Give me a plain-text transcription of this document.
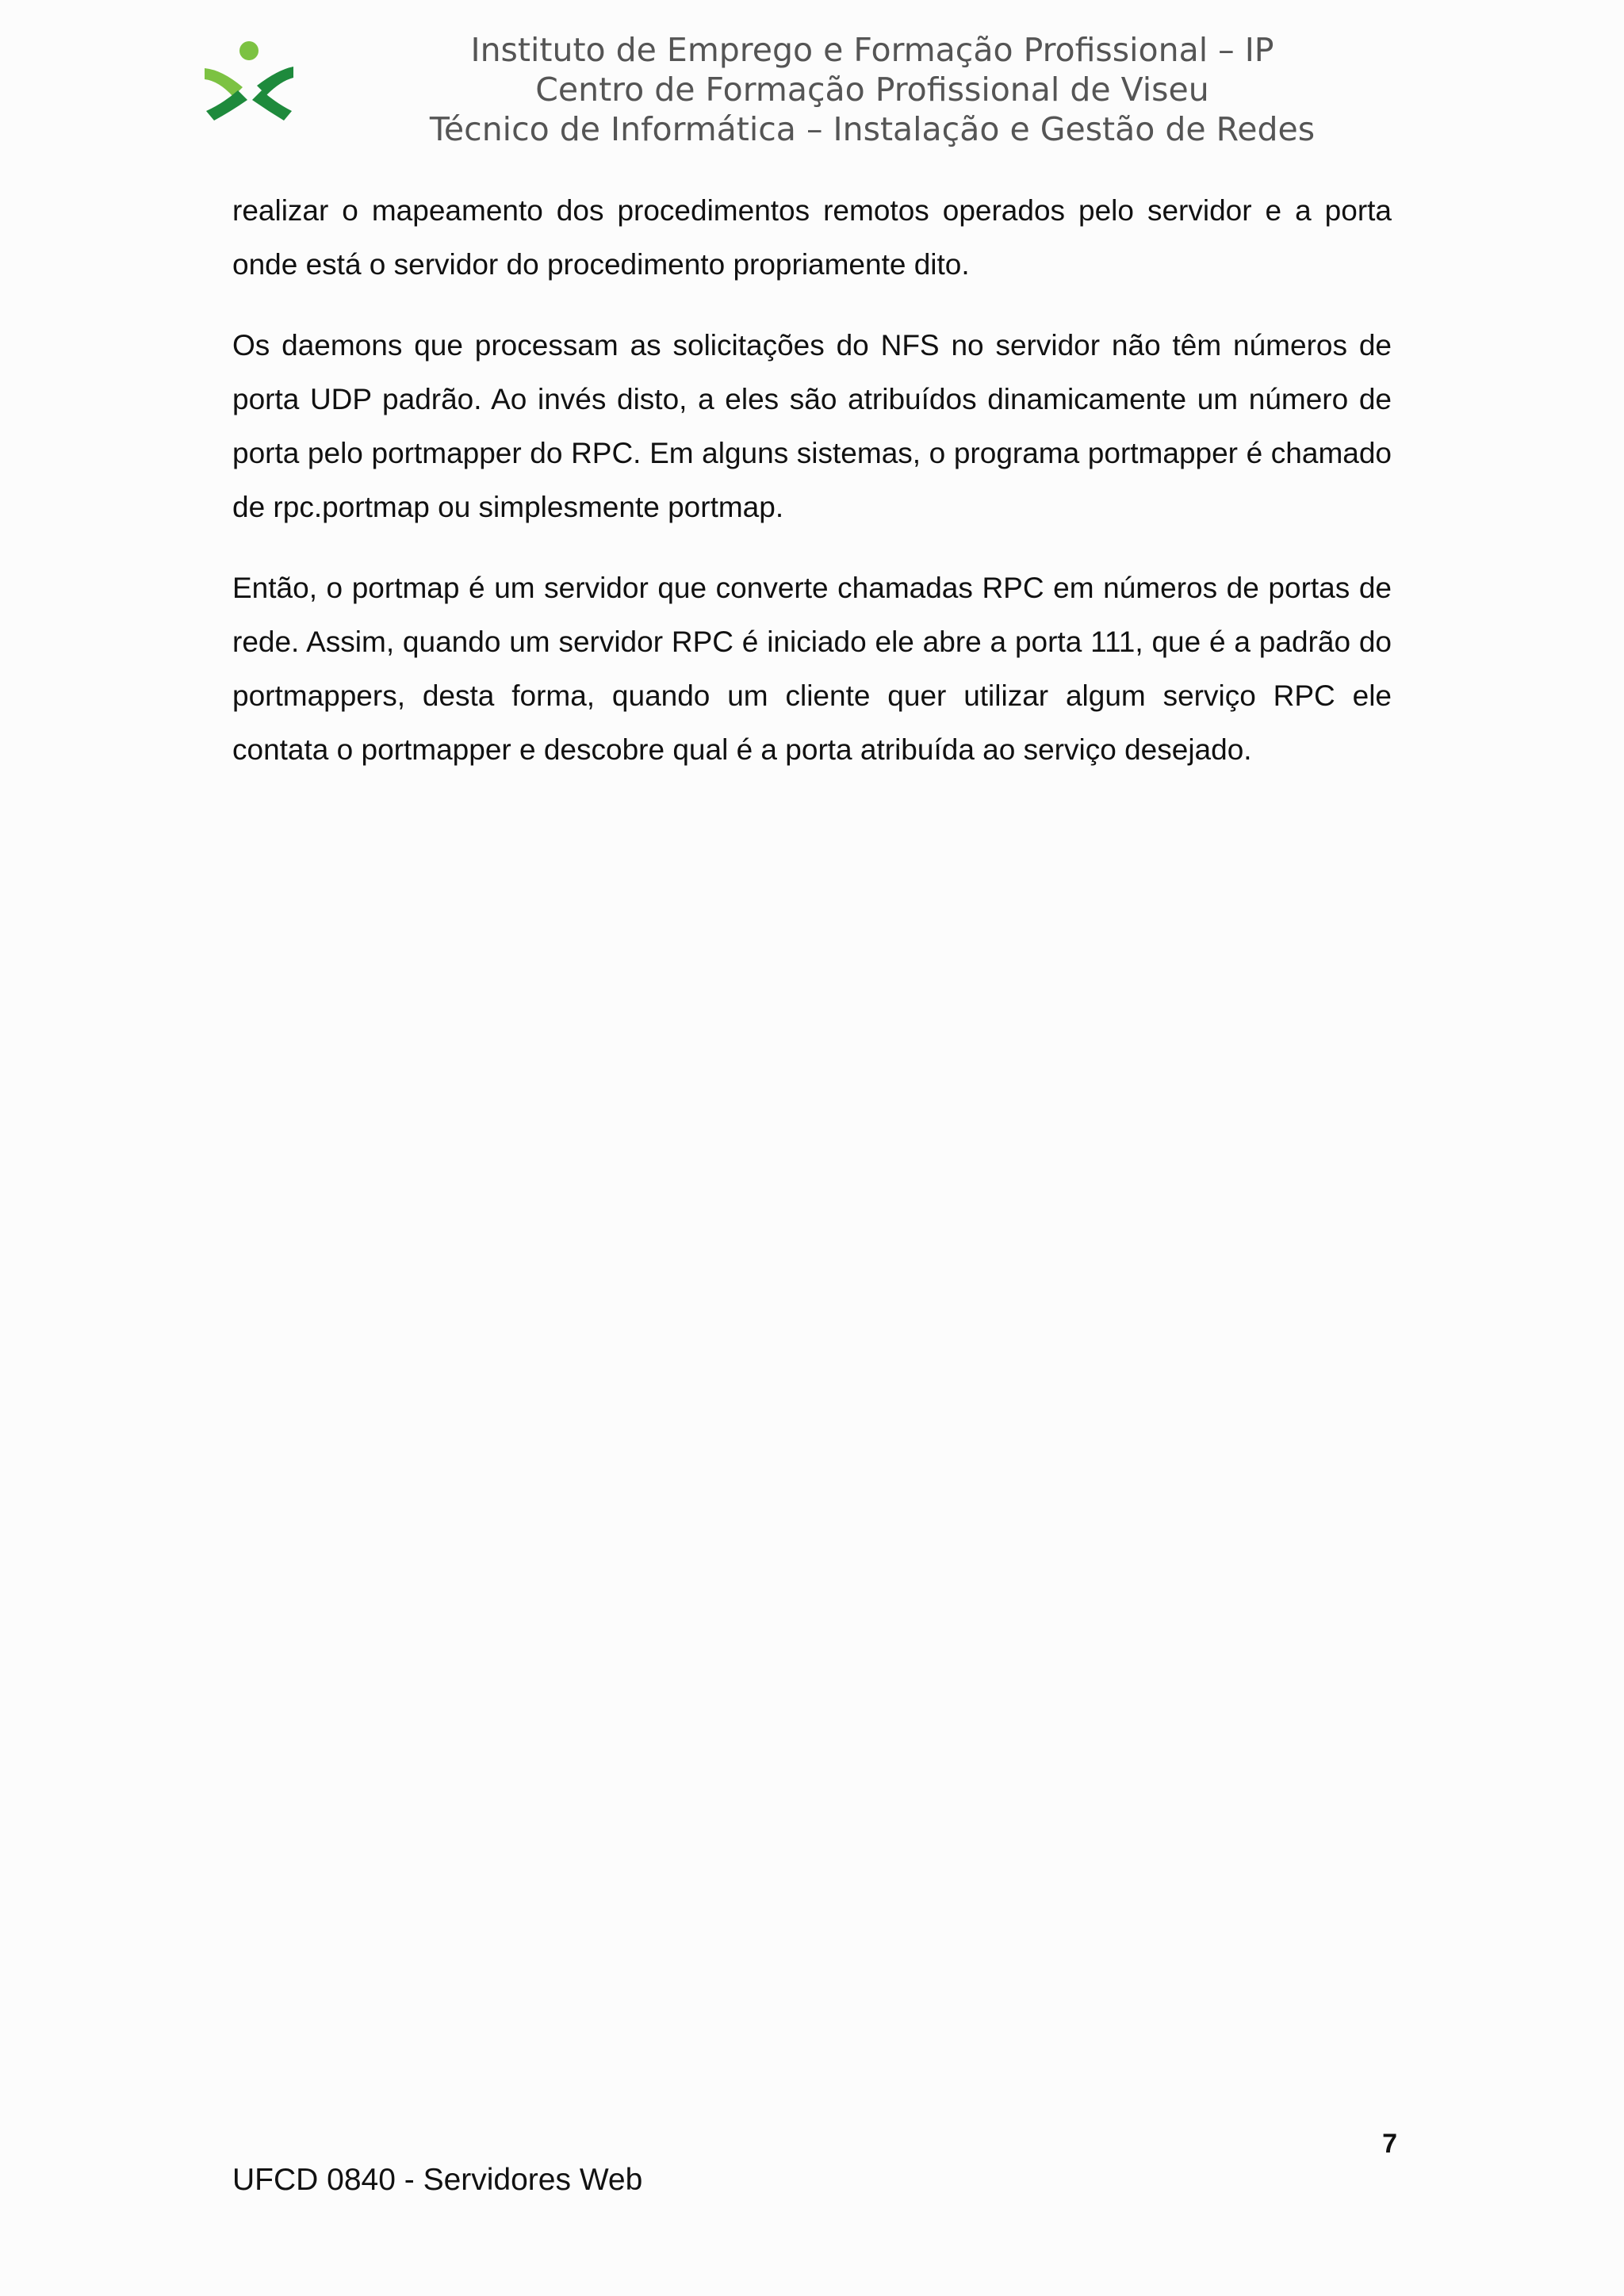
Instituto de Emprego e Formação Profissional – IP
Centro de Formação Profissional de Viseu
Técnico de Informática – Instalação e Gestão de Redes

realizar o mapeamento dos procedimentos remotos operados pelo servidor e a porta onde está o servidor do procedimento propriamente dito.

Os daemons que processam as solicitações do NFS no servidor não têm números de porta UDP padrão. Ao invés disto, a eles são atribuídos dinamicamente um número de porta pelo portmapper do RPC. Em alguns sistemas, o programa portmapper é chamado de rpc.portmap ou simplesmente portmap.

Então, o portmap é um servidor que converte chamadas RPC em números de portas de rede. Assim, quando um servidor RPC é iniciado ele abre a porta 111, que é a padrão do portmappers, desta forma, quando um cliente quer utilizar algum serviço RPC ele contata o portmapper e descobre qual é a porta atribuída ao serviço desejado.

7
UFCD 0840 - Servidores Web
